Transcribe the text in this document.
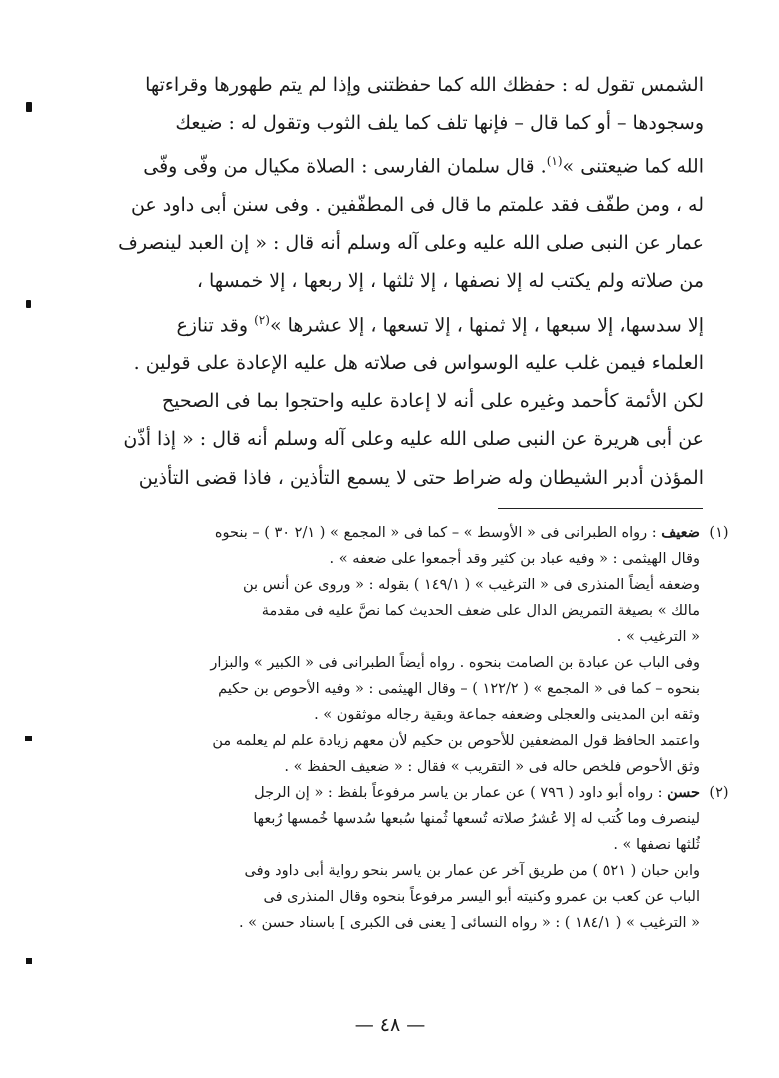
الشمس تقول له : حفظك الله كما حفظتنى وإذا لم يتم طهورها وقراءتها
وسجودها – أو كما قال – فإنها تلف كما يلف الثوب وتقول له : ضيعك
الله كما ضيعتنى »$^{(١)}$. قال سلمان الفارسى : الصلاة مكيال من وفّى وفّى
له ، ومن طفّف فقد علمتم ما قال فى المطفّفين . وفى سنن أبى داود عن
عمار عن النبى صلى الله عليه وعلى آله وسلم أنه قال : « إن العبد لينصرف
من صلاته ولم يكتب له إلا نصفها ، إلا ثلثها ، إلا ربعها ، إلا خمسها ،
إلا سدسها، إلا سبعها ، إلا ثمنها ، إلا تسعها ، إلا عشرها »$^{(٢)}$ وقد تنازع
العلماء فيمن غلب عليه الوسواس فى صلاته هل عليه الإعادة على قولين .
لكن الأئمة كأحمد وغيره على أنه لا إعادة عليه واحتجوا بما فى الصحيح
عن أبى هريرة عن النبى صلى الله عليه وعلى آله وسلم أنه قال : « إذا أذّن
المؤذن أدبر الشيطان وله ضراط حتى لا يسمع التأذين ، فاذا قضى التأذين
(١)
ضعيف : رواه الطبرانى فى « الأوسط » – كما فى « المجمع » ( ٢/١ ٣٠ ) – بنحوه
وقال الهيثمى : « وفيه عباد بن كثير وقد أجمعوا على ضعفه » .
وضعفه أيضاً المنذرى فى « الترغيب » ( ١٤٩/١ ) بقوله : « وروى عن أنس بن
مالك » بصيغة التمريض الدال على ضعف الحديث كما نصَّ عليه فى مقدمة
« الترغيب » .
وفى الباب عن عبادة بن الصامت بنحوه . رواه أيضاً الطبرانى فى « الكبير » والبزار
بنحوه – كما فى « المجمع » ( ١٢٢/٢ ) – وقال الهيثمى : « وفيه الأحوص بن حكيم
وثقه ابن المدينى والعجلى وضعفه جماعة وبقية رجاله موثقون » .
واعتمد الحافظ قول المضعفين للأحوص بن حكيم لأن معهم زيادة علم لم يعلمه من
وثق الأحوص فلخص حاله فى « التقريب » فقال : « ضعيف الحفظ » .
(٢)
حسن : رواه أبو داود ( ٧٩٦ ) عن عمار بن ياسر مرفوعاً بلفظ : « إن الرجل
لينصرف وما كُتب له إلا عُشرُ صلاته تُسعها ثُمنها سُبعها سُدسها خُمسها رُبعها
ثُلثها نصفها » .
وابن حبان ( ٥٢١ ) من طريق آخر عن عمار بن ياسر بنحو رواية أبى داود وفى
الباب عن كعب بن عمرو وكنيته أبو اليسر مرفوعاً بنحوه وقال المنذرى فى
« الترغيب » ( ١٨٤/١ ) : « رواه النسائى [ يعنى فى الكبرى ] باسناد حسن » .
— ٤٨ —
